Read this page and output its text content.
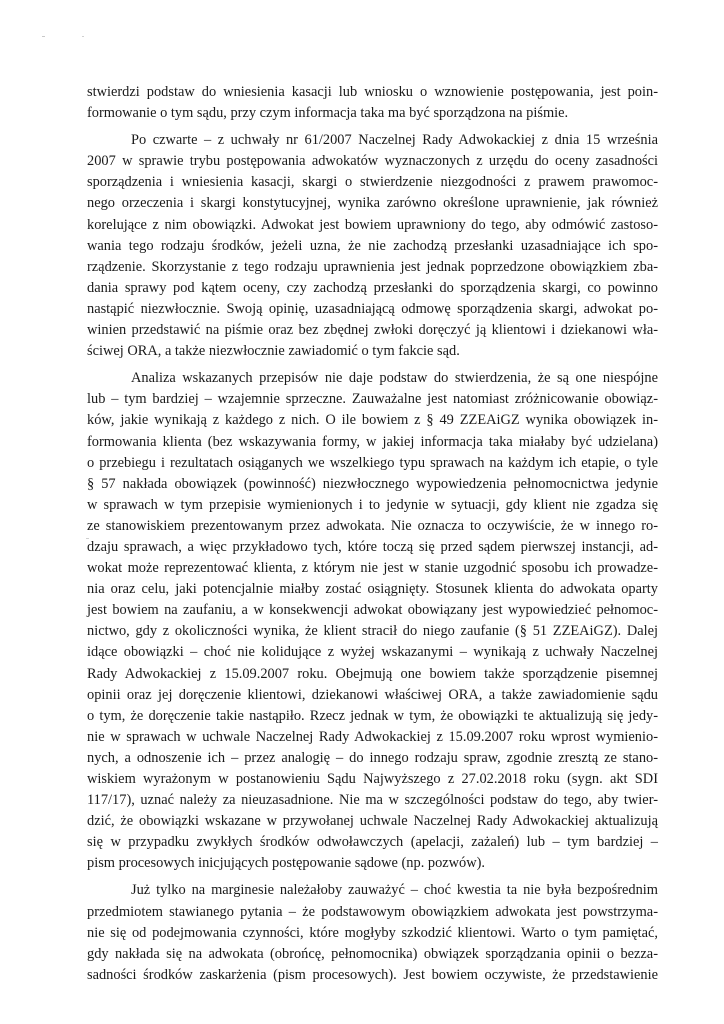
stwierdzi podstaw do wniesienia kasacji lub wniosku o wznowienie postępowania, jest poin-
formowanie o tym sądu, przy czym informacja taka ma być sporządzona na piśmie.
Po czwarte – z uchwały nr 61/2007 Naczelnej Rady Adwokackiej z dnia 15 września
2007 w sprawie trybu postępowania adwokatów wyznaczonych z urzędu do oceny zasadności
sporządzenia i wniesienia kasacji, skargi o stwierdzenie niezgodności z prawem prawomoc-
nego orzeczenia i skargi konstytucyjnej, wynika zarówno określone uprawnienie, jak również
korelujące z nim obowiązki. Adwokat jest bowiem uprawniony do tego, aby odmówić zastoso-
wania tego rodzaju środków, jeżeli uzna, że nie zachodzą przesłanki uzasadniające ich spo-
rządzenie. Skorzystanie z tego rodzaju uprawnienia jest jednak poprzedzone obowiązkiem zba-
dania sprawy pod kątem oceny, czy zachodzą przesłanki do sporządzenia skargi, co powinno
nastąpić niezwłocznie. Swoją opinię, uzasadniającą odmowę sporządzenia skargi, adwokat po-
winien przedstawić na piśmie oraz bez zbędnej zwłoki doręczyć ją klientowi i dziekanowi wła-
ściwej ORA, a także niezwłocznie zawiadomić o tym fakcie sąd.
Analiza wskazanych przepisów nie daje podstaw do stwierdzenia, że są one niespójne
lub – tym bardziej – wzajemnie sprzeczne. Zauważalne jest natomiast zróżnicowanie obowiąz-
ków, jakie wynikają z każdego z nich. O ile bowiem z § 49 ZZEAiGZ wynika obowiązek in-
formowania klienta (bez wskazywania formy, w jakiej informacja taka miałaby być udzielana)
o przebiegu i rezultatach osiąganych we wszelkiego typu sprawach na każdym ich etapie, o tyle
§ 57 nakłada obowiązek (powinność) niezwłocznego wypowiedzenia pełnomocnictwa jedynie
w sprawach w tym przepisie wymienionych i to jedynie w sytuacji, gdy klient nie zgadza się
ze stanowiskiem prezentowanym przez adwokata. Nie oznacza to oczywiście, że w innego ro-
dzaju sprawach, a więc przykładowo tych, które toczą się przed sądem pierwszej instancji, ad-
wokat może reprezentować klienta, z którym nie jest w stanie uzgodnić sposobu ich prowadze-
nia oraz celu, jaki potencjalnie miałby zostać osiągnięty. Stosunek klienta do adwokata oparty
jest bowiem na zaufaniu, a w konsekwencji adwokat obowiązany jest wypowiedzieć pełnomoc-
nictwo, gdy z okoliczności wynika, że klient stracił do niego zaufanie (§ 51 ZZEAiGZ). Dalej
idące obowiązki – choć nie kolidujące z wyżej wskazanymi – wynikają z uchwały Naczelnej
Rady Adwokackiej z 15.09.2007 roku. Obejmują one bowiem także sporządzenie pisemnej
opinii oraz jej doręczenie klientowi, dziekanowi właściwej ORA, a także zawiadomienie sądu
o tym, że doręczenie takie nastąpiło. Rzecz jednak w tym, że obowiązki te aktualizują się jedy-
nie w sprawach w uchwale Naczelnej Rady Adwokackiej z 15.09.2007 roku wprost wymienio-
nych, a odnoszenie ich – przez analogię – do innego rodzaju spraw, zgodnie zresztą ze stano-
wiskiem wyrażonym w postanowieniu Sądu Najwyższego z 27.02.2018 roku (sygn. akt SDI
117/17), uznać należy za nieuzasadnione. Nie ma w szczególności podstaw do tego, aby twier-
dzić, że obowiązki wskazane w przywołanej uchwale Naczelnej Rady Adwokackiej aktualizują
się w przypadku zwykłych środków odwoławczych (apelacji, zażaleń) lub – tym bardziej –
pism procesowych inicjujących postępowanie sądowe (np. pozwów).
Już tylko na marginesie należałoby zauważyć – choć kwestia ta nie była bezpośrednim
przedmiotem stawianego pytania – że podstawowym obowiązkiem adwokata jest powstrzyma-
nie się od podejmowania czynności, które mogłyby szkodzić klientowi. Warto o tym pamiętać,
gdy nakłada się na adwokata (obrońcę, pełnomocnika) obwiązek sporządzania opinii o bezza-
sadności środków zaskarżenia (pism procesowych). Jest bowiem oczywiste, że przedstawienie
